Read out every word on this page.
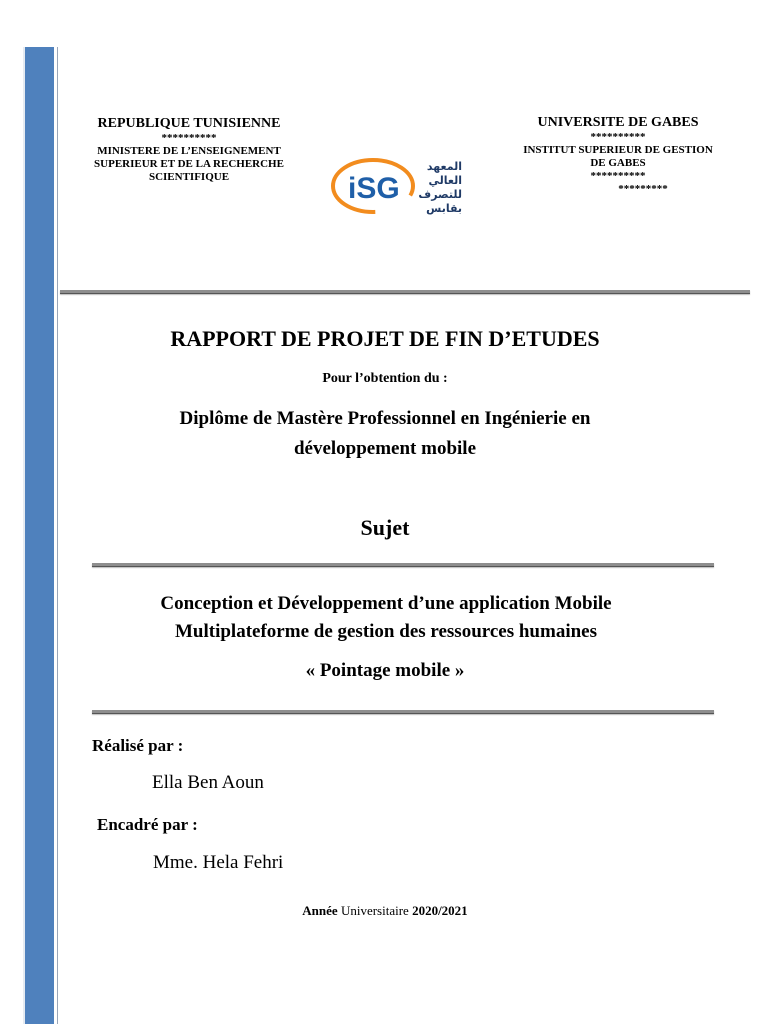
REPUBLIQUE TUNISIENNE
**********
MINISTERE DE L’ENSEIGNEMENT
SUPERIEUR ET DE LA RECHERCHE
SCIENTIFIQUE
UNIVERSITE DE GABES
**********
INSTITUT SUPERIEUR DE GESTION
DE GABES
**********
*********
iSG
المعهد
العالي
للتصرف
بقابس
RAPPORT DE PROJET DE FIN D’ETUDES
Pour l’obtention du :
Diplôme de Mastère Professionnel en Ingénierie en
développement mobile
Sujet
Conception et Développement d’une application Mobile
Multiplateforme de gestion des ressources humaines
« Pointage mobile »
Réalisé par :
Ella Ben Aoun
Encadré par :
Mme. Hela Fehri
Année Universitaire 2020/2021
